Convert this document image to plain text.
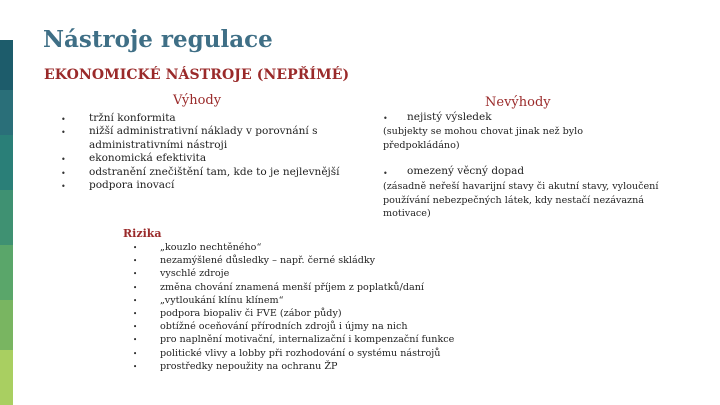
Nástroje regulace
EKONOMICKÉ NÁSTROJE (NEPŘÍMÉ)
Výhody
•
•
•
•
•
tržní konformita
nižší administrativní náklady v porovnání s
administrativními nástroji
ekonomická efektivita
odstranění znečištění tam, kde to je nejlevnější
podpora inovací
Nevýhody
• nejistý výsledek
(subjekty se mohou chovat jinak než bylo
předpokládáno)
• omezený věcný dopad
(zásadně neřeší havarijní stavy či akutní stavy, vyloučení
používání nebezpečných látek, kdy nestačí nezávazná
motivace)
Rizika
• „kouzlo nechtěného“
• nezamýšlené důsledky – např. černé skládky
• vyschlé zdroje
• změna chování znamená menší příjem z poplatků/daní
• „vytloukání klínu klínem“
• podpora biopaliv či FVE (zábor půdy)
• obtížné oceňování přírodních zdrojů i újmy na nich
• pro naplnění motivační, internalizační i kompenzační funkce
• politické vlivy a lobby při rozhodování o systému nástrojů
• prostředky nepoužity na ochranu ŽP
